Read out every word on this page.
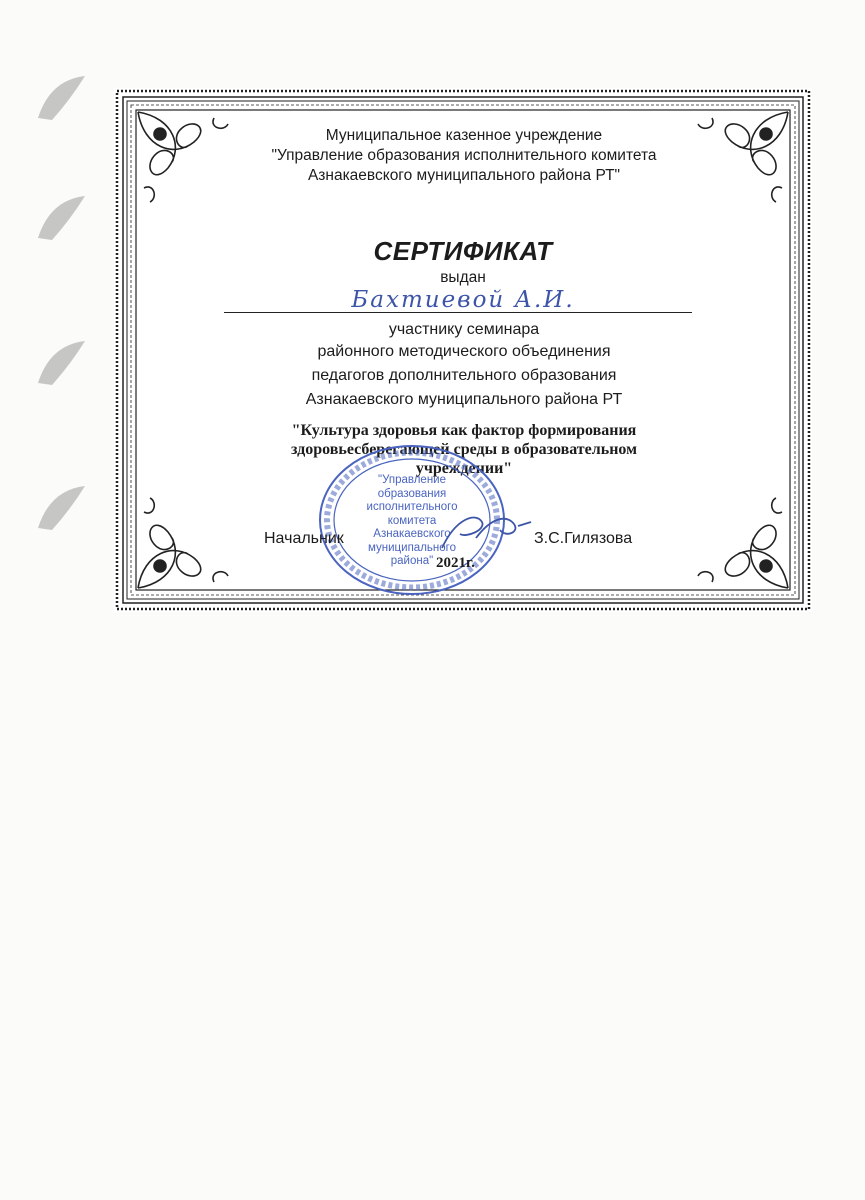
Муниципальное казенное учреждение
"Управление образования исполнительного комитета
Азнакаевского муниципального района РТ"
СЕРТИФИКАТ
выдан
Бахтиевой А.И.
участнику семинара
районного методического объединения
педагогов дополнительного образования
Азнакаевского муниципального района РТ
"Культура здоровья как фактор формирования
здоровьесберегающей среды в образовательном
учреждении"
"Управление
образования
исполнительного
комитета
Азнакаевского
муниципального
района"
Начальник	З.С.Гилязова
2021г.
